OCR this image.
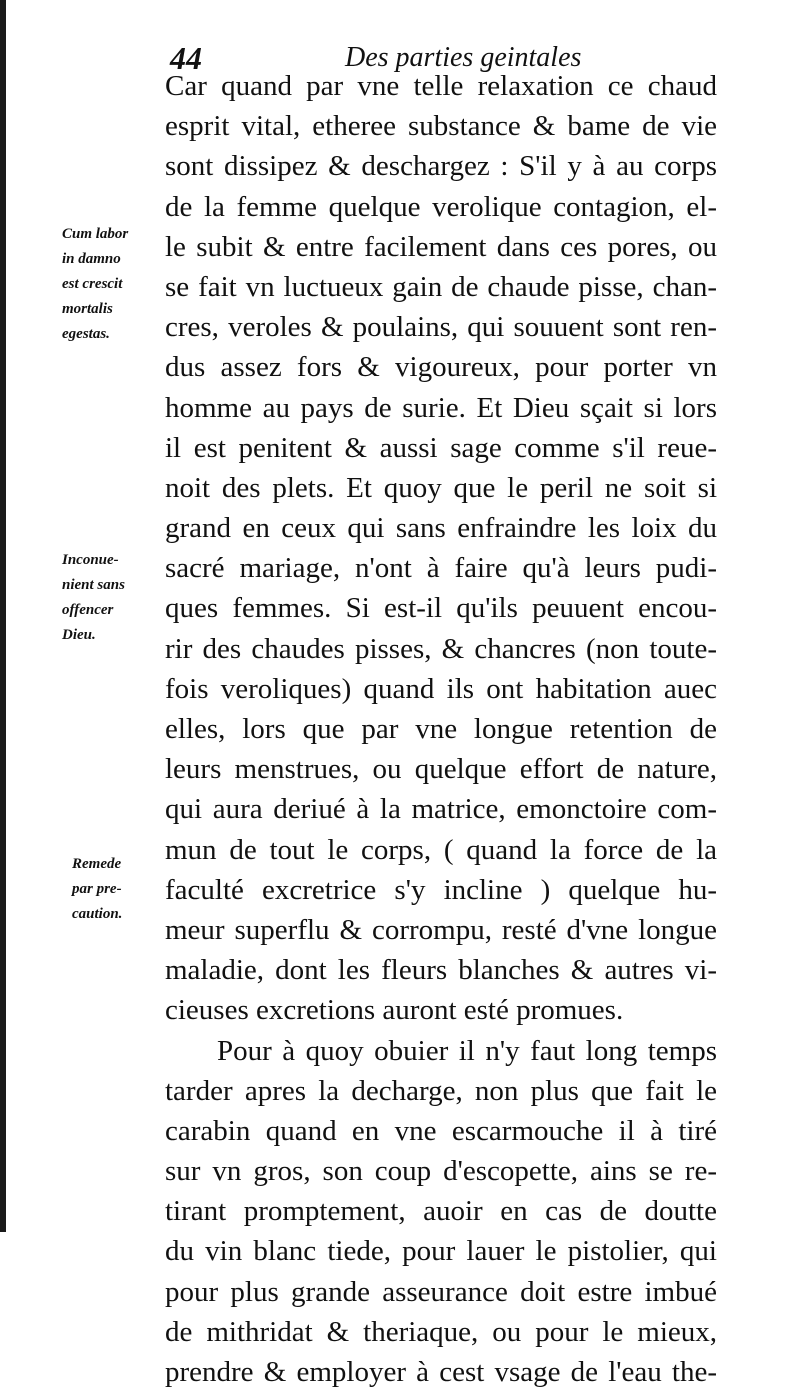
44	Des parties geintales
Car quand par vne telle relaxation ce chaud
esprit vital, etheree substance & bame de vie
sont dissipez & deschargez : S'il y à au corps
de la femme quelque verolique contagion, el-
le subit & entre facilement dans ces pores, ou
se fait vn luctueux gain de chaude pisse, chan-
cres, veroles & poulains, qui souuent sont ren-
dus assez fors & vigoureux, pour porter vn
homme au pays de surie. Et Dieu sçait si lors
il est penitent & aussi sage comme s'il reue-
noit des plets. Et quoy que le peril ne soit si
grand en ceux qui sans enfraindre les loix du
sacré mariage, n'ont à faire qu'à leurs pudi-
ques femmes. Si est-il qu'ils peuuent encou-
rir des chaudes pisses, & chancres (non toute-
fois veroliques) quand ils ont habitation auec
elles, lors que par vne longue retention de
leurs menstrues, ou quelque effort de nature,
qui aura deriué à la matrice, emonctoire com-
mun de tout le corps, ( quand la force de la
faculté excretrice s'y incline ) quelque hu-
meur superflu & corrompu, resté d'vne longue
maladie, dont les fleurs blanches & autres vi-
cieuses excretions auront esté promues.
Pour à quoy obuier il n'y faut long temps
tarder apres la decharge, non plus que fait le
carabin quand en vne escarmouche il à tiré
sur vn gros, son coup d'escopette, ains se re-
tirant promptement, auoir en cas de doutte
du vin blanc tiede, pour lauer le pistolier, qui
pour plus grande asseurance doit estre imbué
de mithridat & theriaque, ou pour le mieux,
prendre & employer à cest vsage de l'eau the-
Cum labor
in damno
est crescit
mortalis
egestas.
Inconue-
nient sans
offencer
Dieu.
Remede
par pre-
caution.
